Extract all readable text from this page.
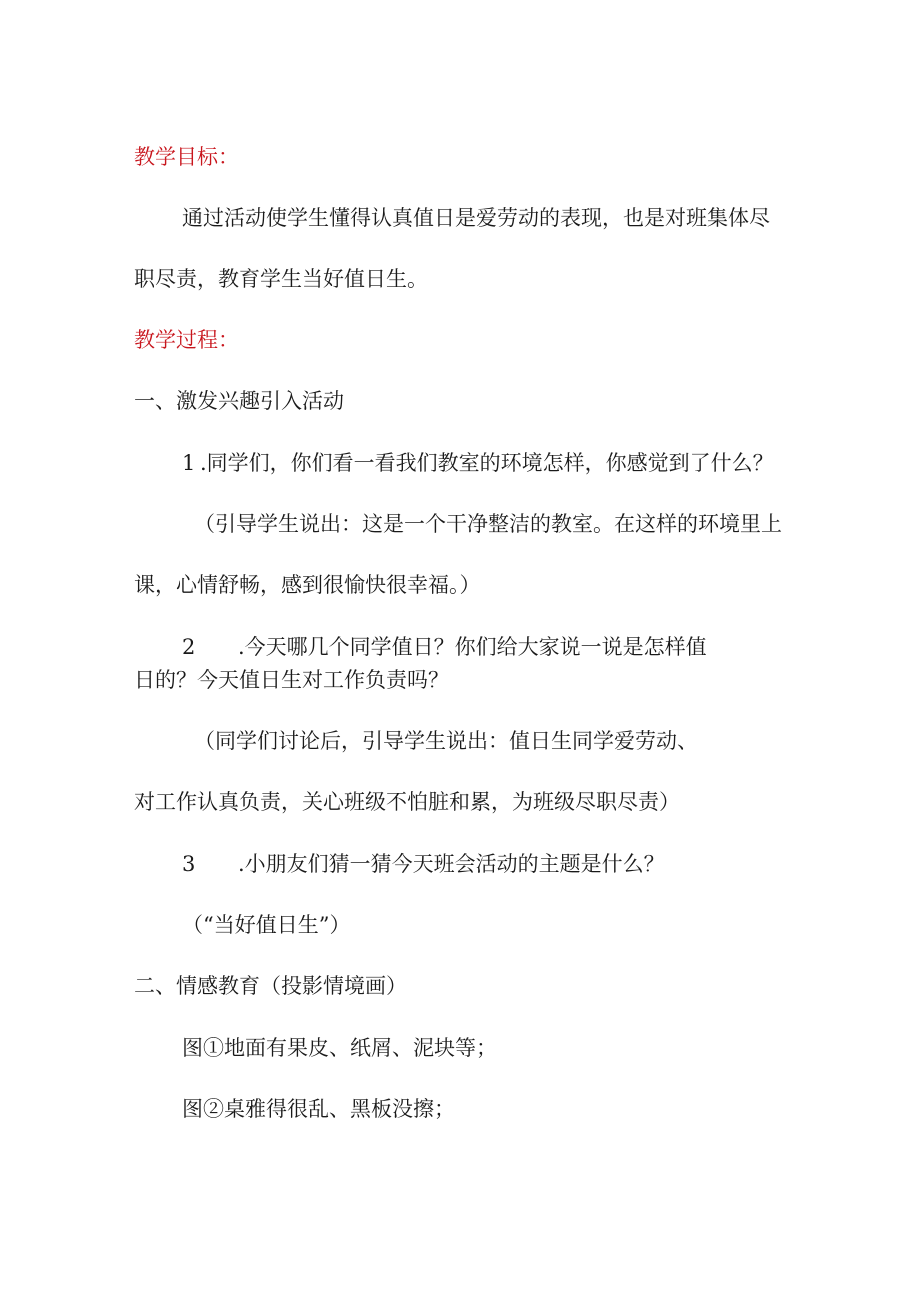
教学目标：
通过活动使学生懂得认真值日是爱劳动的表现，也是对班集体尽
职尽责，教育学生当好值日生。
教学过程：
一、激发兴趣引入活动
1 .同学们，你们看一看我们教室的环境怎样，你感觉到了什么？
（引导学生说出：这是一个干净整洁的教室。在这样的环境里上
课，心情舒畅，感到很愉快很幸福。）
2 .今天哪几个同学值日？你们给大家说一说是怎样值
日的？今天值日生对工作负责吗？
（同学们讨论后，引导学生说出：值日生同学爱劳动、
对工作认真负责，关心班级不怕脏和累，为班级尽职尽责）
3 .小朋友们猜一猜今天班会活动的主题是什么？
（“当好值日生”）
二、情感教育（投影情境画）
图①地面有果皮、纸屑、泥块等；
图②桌雅得很乱、黑板没擦；
